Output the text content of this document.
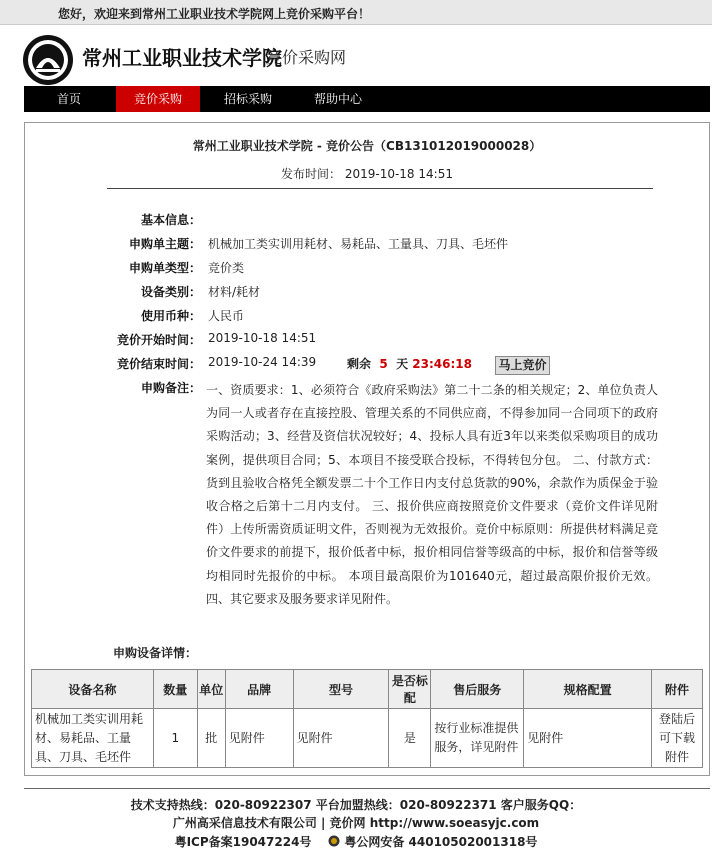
您好，欢迎来到常州工业职业技术学院网上竞价采购平台！
常州工业职业技术学院
竞价采购网
首页	竞价采购	招标采购	帮助中心
常州工业职业技术学院 - 竞价公告（CB131012019000028）
发布时间： 2019-10-18 14:51
基本信息：
申购单主题： 机械加工类实训用耗材、易耗品、工量具、刀具、毛坯件
申购单类型： 竞价类
设备类别： 材料/耗材
使用币种： 人民币
竞价开始时间： 2019-10-18 14:51
竞价结束时间： 2019-10-24 14:39	剩余 5 天 23:46:18 马上竞价
申购备注： 一、资质要求：1、必须符合《政府采购法》第二十二条的相关规定；2、单位负责人为同一人或者存在直接控股、管理关系的不同供应商，不得参加同一合同项下的政府采购活动；3、经营及资信状况较好；4、投标人具有近3年以来类似采购项目的成功案例，提供项目合同；5、本项目不接受联合投标，不得转包分包。 二、付款方式：货到且验收合格凭全额发票二十个工作日内支付总货款的90%，余款作为质保金于验收合格之后第十二月内支付。 三、报价供应商按照竞价文件要求（竞价文件详见附件）上传所需资质证明文件，否则视为无效报价。竞价中标原则：所提供材料满足竞价文件要求的前提下，报价低者中标，报价相同信誉等级高的中标，报价和信誉等级均相同时先报价的中标。 本项目最高限价为101640元，超过最高限价报价无效。四、其它要求及服务要求详见附件。
申购设备详情：
设备名称	数量	单位	品牌	型号	是否标配	售后服务	规格配置	附件
机械加工类实训用耗材、易耗品、工量具、刀具、毛坯件	1	批	见附件	见附件	是	按行业标准提供服务，详见附件	见附件	登陆后可下载附件
技术支持热线：020-80922307 平台加盟热线：020-80922371 客户服务QQ：
广州高采信息技术有限公司 | 竞价网 http://www.soeasyjc.com
粤ICP备案19047224号	粤公网安备 44010502001318号
